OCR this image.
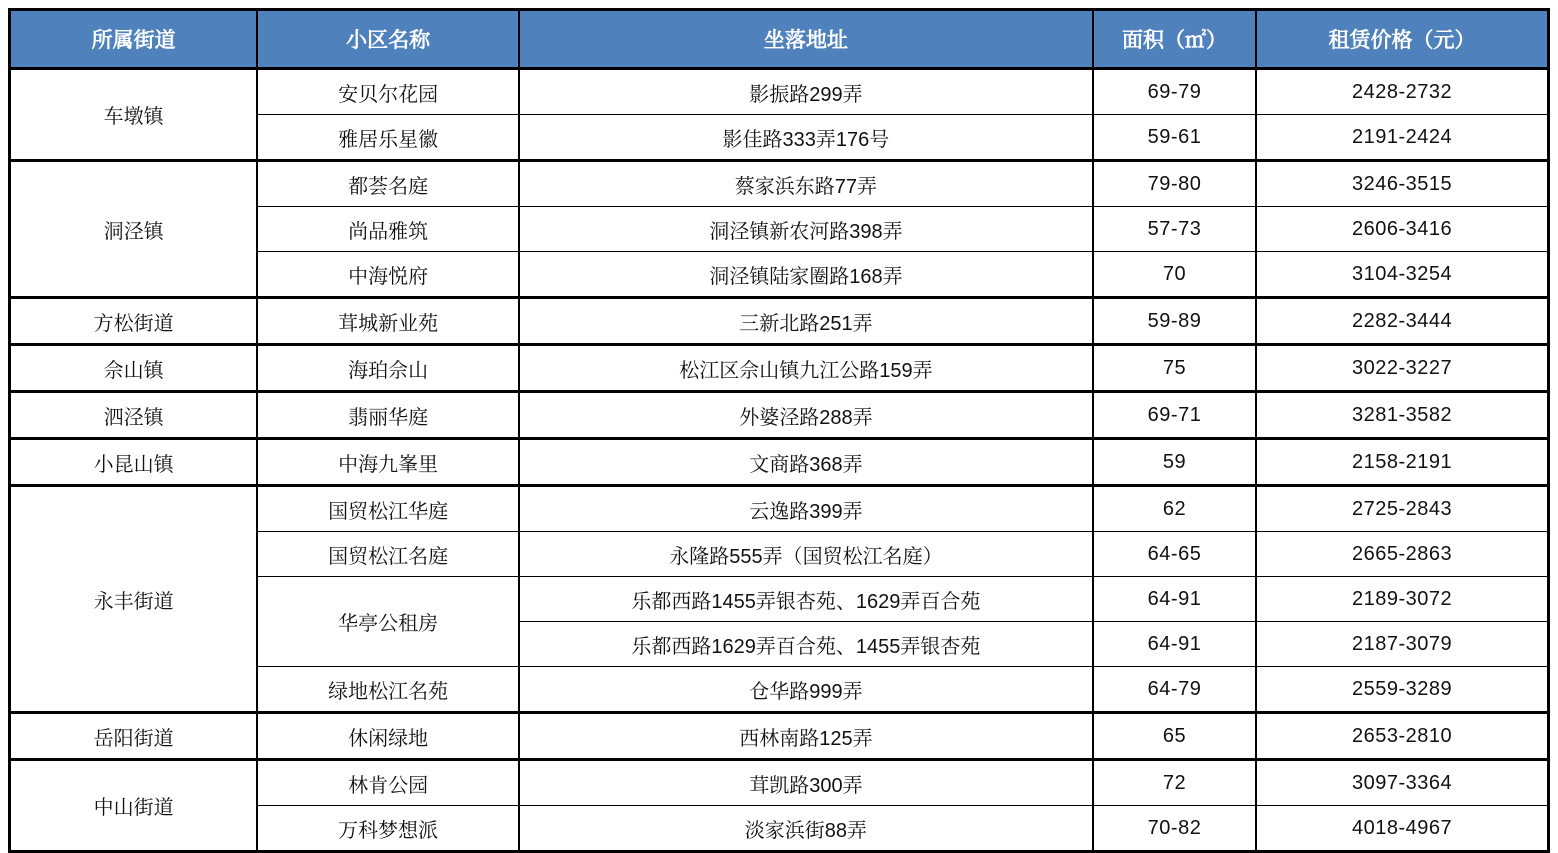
所属街道	小区名称	坐落地址	面积（㎡）	租赁价格（元）
车墩镇	安贝尔花园	影振路299弄	69-79	2428-2732
	雅居乐星徽	影佳路333弄176号	59-61	2191-2424
洞泾镇	都荟名庭	蔡家浜东路77弄	79-80	3246-3515
	尚品雅筑	洞泾镇新农河路398弄	57-73	2606-3416
	中海悦府	洞泾镇陆家圈路168弄	70	3104-3254
方松街道	茸城新业苑	三新北路251弄	59-89	2282-3444
佘山镇	海珀佘山	松江区佘山镇九江公路159弄	75	3022-3227
泗泾镇	翡丽华庭	外婆泾路288弄	69-71	3281-3582
小昆山镇	中海九峯里	文商路368弄	59	2158-2191
永丰街道	国贸松江华庭	云逸路399弄	62	2725-2843
	国贸松江名庭	永隆路555弄（国贸松江名庭）	64-65	2665-2863
	华亭公租房	乐都西路1455弄银杏苑、1629弄百合苑	64-91	2189-3072
		乐都西路1629弄百合苑、1455弄银杏苑	64-91	2187-3079
	绿地松江名苑	仓华路999弄	64-79	2559-3289
岳阳街道	休闲绿地	西林南路125弄	65	2653-2810
中山街道	林肯公园	茸凯路300弄	72	3097-3364
	万科梦想派	淡家浜街88弄	70-82	4018-4967
